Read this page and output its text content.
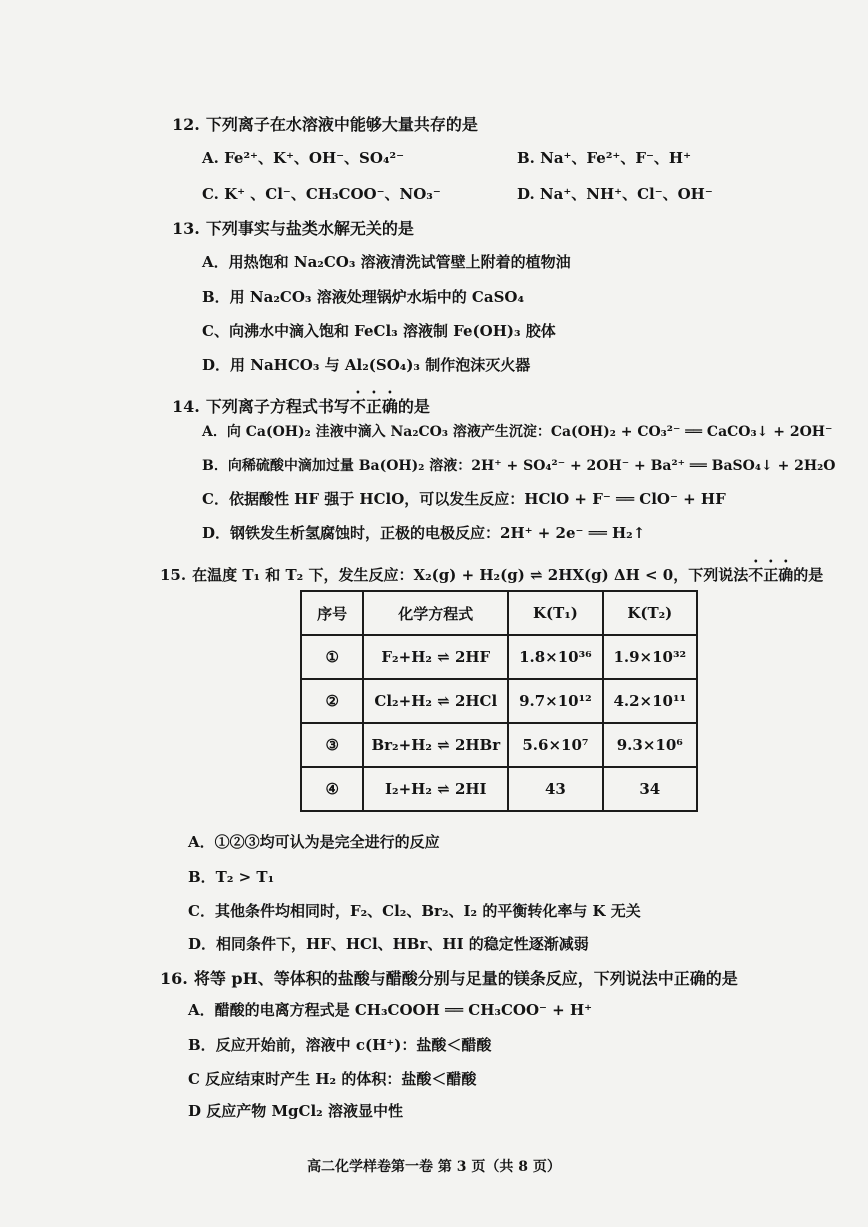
12. 下列离子在水溶液中能够大量共存的是
A. Fe²⁺、K⁺、OH⁻、SO₄²⁻	B. Na⁺、Fe²⁺、F⁻、H⁺
C. K⁺ 、Cl⁻、CH₃COO⁻、NO₃⁻	D. Na⁺、NH⁺、Cl⁻、OH⁻
13. 下列事实与盐类水解无关的是
A．用热饱和 Na₂CO₃ 溶液清洗试管壁上附着的植物油
B．用 Na₂CO₃ 溶液处理锅炉水垢中的 CaSO₄
C、向沸水中滴入饱和 FeCl₃ 溶液制 Fe(OH)₃ 胶体
D．用 NaHCO₃ 与 Al₂(SO₄)₃ 制作泡沫灭火器
14. 下列离子方程式书写不正确的是
A．向 Ca(OH)₂ 洼液中滴入 Na₂CO₃ 溶液产生沉淀：Ca(OH)₂ + CO₃²⁻ ══ CaCO₃↓ + 2OH⁻
B．向稀硫酸中滴加过量 Ba(OH)₂ 溶液：2H⁺ + SO₄²⁻ + 2OH⁻ + Ba²⁺ ══ BaSO₄↓ + 2H₂O
C．依据酸性 HF 强于 HClO，可以发生反应：HClO + F⁻ ══ ClO⁻ + HF
D．钢铁发生析氢腐蚀时，正极的电极反应：2H⁺ + 2e⁻ ══ H₂↑
15. 在温度 T₁ 和 T₂ 下，发生反应：X₂(g) + H₂(g) ⇌ 2HX(g) ΔH < 0，下列说法不正确的是
序号	化学方程式	K(T₁)	K(T₂)
①	F₂+H₂ ⇌ 2HF	1.8×10³⁶	1.9×10³²
②	Cl₂+H₂ ⇌ 2HCl	9.7×10¹²	4.2×10¹¹
③	Br₂+H₂ ⇌ 2HBr	5.6×10⁷	9.3×10⁶
④	I₂+H₂ ⇌ 2HI	43	34
A．①②③均可认为是完全进行的反应
B．T₂ > T₁
C．其他条件均相同时，F₂、Cl₂、Br₂、I₂ 的平衡转化率与 K 无关
D．相同条件下，HF、HCl、HBr、HI 的稳定性逐渐减弱
16. 将等 pH、等体积的盐酸与醋酸分别与足量的镁条反应，下列说法中正确的是
A．醋酸的电离方程式是 CH₃COOH ══ CH₃COO⁻ + H⁺
B．反应开始前，溶液中 c(H⁺)：盐酸＜醋酸
C 反应结束时产生 H₂ 的体积：盐酸＜醋酸
D 反应产物 MgCl₂ 溶液显中性
高二化学样卷第一卷 第 3 页（共 8 页）
